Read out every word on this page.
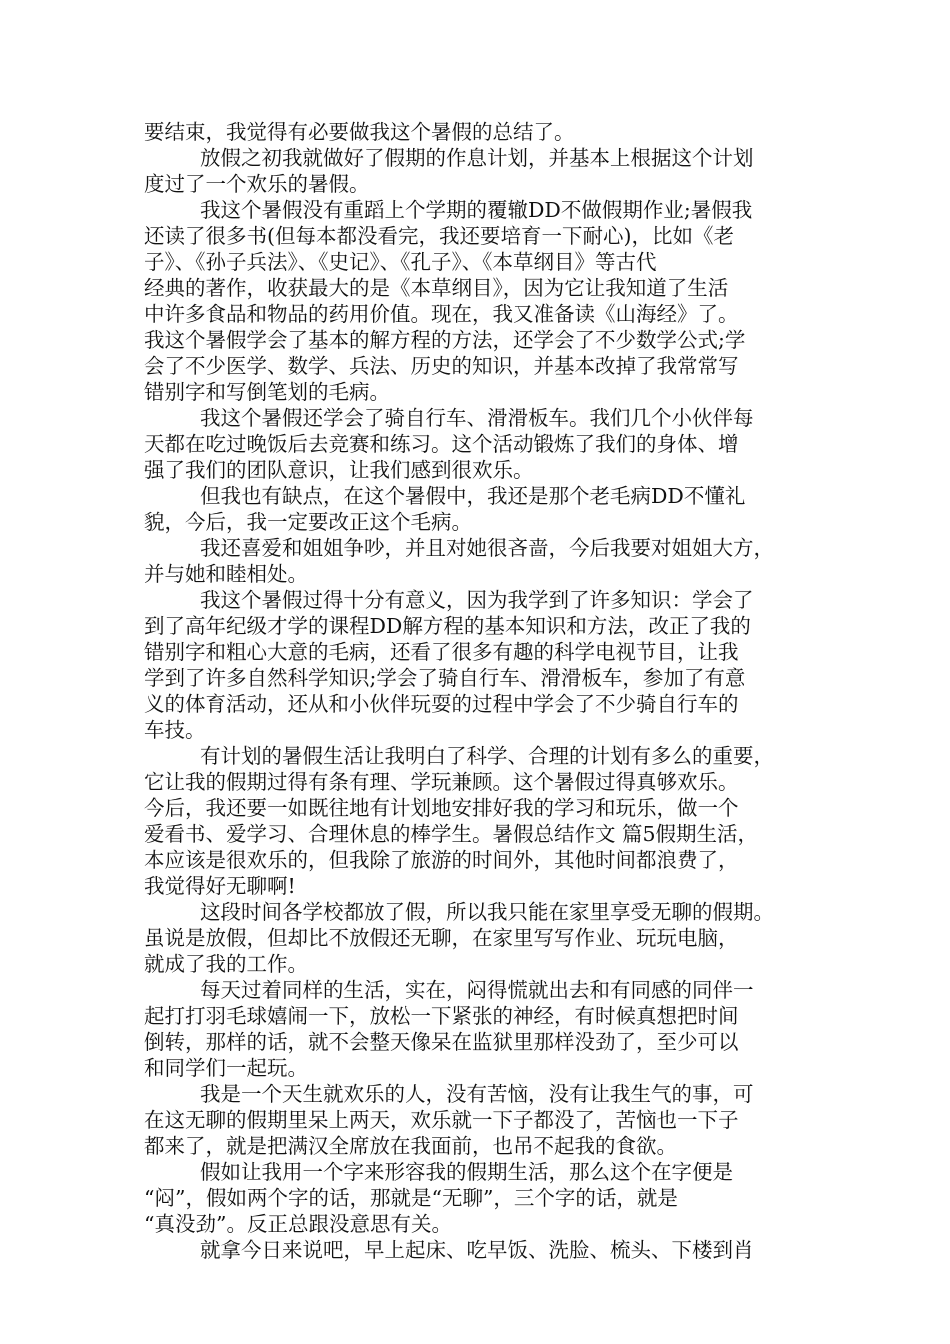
要结束，我觉得有必要做我这个暑假的总结了。
放假之初我就做好了假期的作息计划，并基本上根据这个计划
度过了一个欢乐的暑假。
我这个暑假没有重蹈上个学期的覆辙DD不做假期作业;暑假我
还读了很多书(但每本都没看完，我还要培育一下耐心)，比如《老
子》、《孙子兵法》、《史记》、《孔子》、《本草纲目》等古代
经典的著作，收获最大的是《本草纲目》，因为它让我知道了生活
中许多食品和物品的药用价值。现在，我又准备读《山海经》了。
我这个暑假学会了基本的解方程的方法，还学会了不少数学公式;学
会了不少医学、数学、兵法、历史的知识，并基本改掉了我常常写
错别字和写倒笔划的毛病。
我这个暑假还学会了骑自行车、滑滑板车。我们几个小伙伴每
天都在吃过晚饭后去竞赛和练习。这个活动锻炼了我们的身体、增
强了我们的团队意识，让我们感到很欢乐。
但我也有缺点，在这个暑假中，我还是那个老毛病DD不懂礼
貌，今后，我一定要改正这个毛病。
我还喜爱和姐姐争吵，并且对她很吝啬，今后我要对姐姐大方，
并与她和睦相处。
我这个暑假过得十分有意义，因为我学到了许多知识：学会了
到了高年纪级才学的课程DD解方程的基本知识和方法，改正了我的
错别字和粗心大意的毛病，还看了很多有趣的科学电视节目，让我
学到了许多自然科学知识;学会了骑自行车、滑滑板车，参加了有意
义的体育活动，还从和小伙伴玩耍的过程中学会了不少骑自行车的
车技。
有计划的暑假生活让我明白了科学、合理的计划有多么的重要，
它让我的假期过得有条有理、学玩兼顾。这个暑假过得真够欢乐。
今后，我还要一如既往地有计划地安排好我的学习和玩乐，做一个
爱看书、爱学习、合理休息的棒学生。暑假总结作文 篇5假期生活，
本应该是很欢乐的，但我除了旅游的时间外，其他时间都浪费了，
我觉得好无聊啊!
这段时间各学校都放了假，所以我只能在家里享受无聊的假期。
虽说是放假，但却比不放假还无聊，在家里写写作业、玩玩电脑，
就成了我的工作。
每天过着同样的生活，实在，闷得慌就出去和有同感的同伴一
起打打羽毛球嬉闹一下，放松一下紧张的神经，有时候真想把时间
倒转，那样的话，就不会整天像呆在监狱里那样没劲了，至少可以
和同学们一起玩。
我是一个天生就欢乐的人，没有苦恼，没有让我生气的事，可
在这无聊的假期里呆上两天，欢乐就一下子都没了，苦恼也一下子
都来了，就是把满汉全席放在我面前，也吊不起我的食欲。
假如让我用一个字来形容我的假期生活，那么这个在字便是
“闷”，假如两个字的话，那就是“无聊”，三个字的话，就是
“真没劲”。反正总跟没意思有关。
就拿今日来说吧，早上起床、吃早饭、洗脸、梳头、下楼到肖
